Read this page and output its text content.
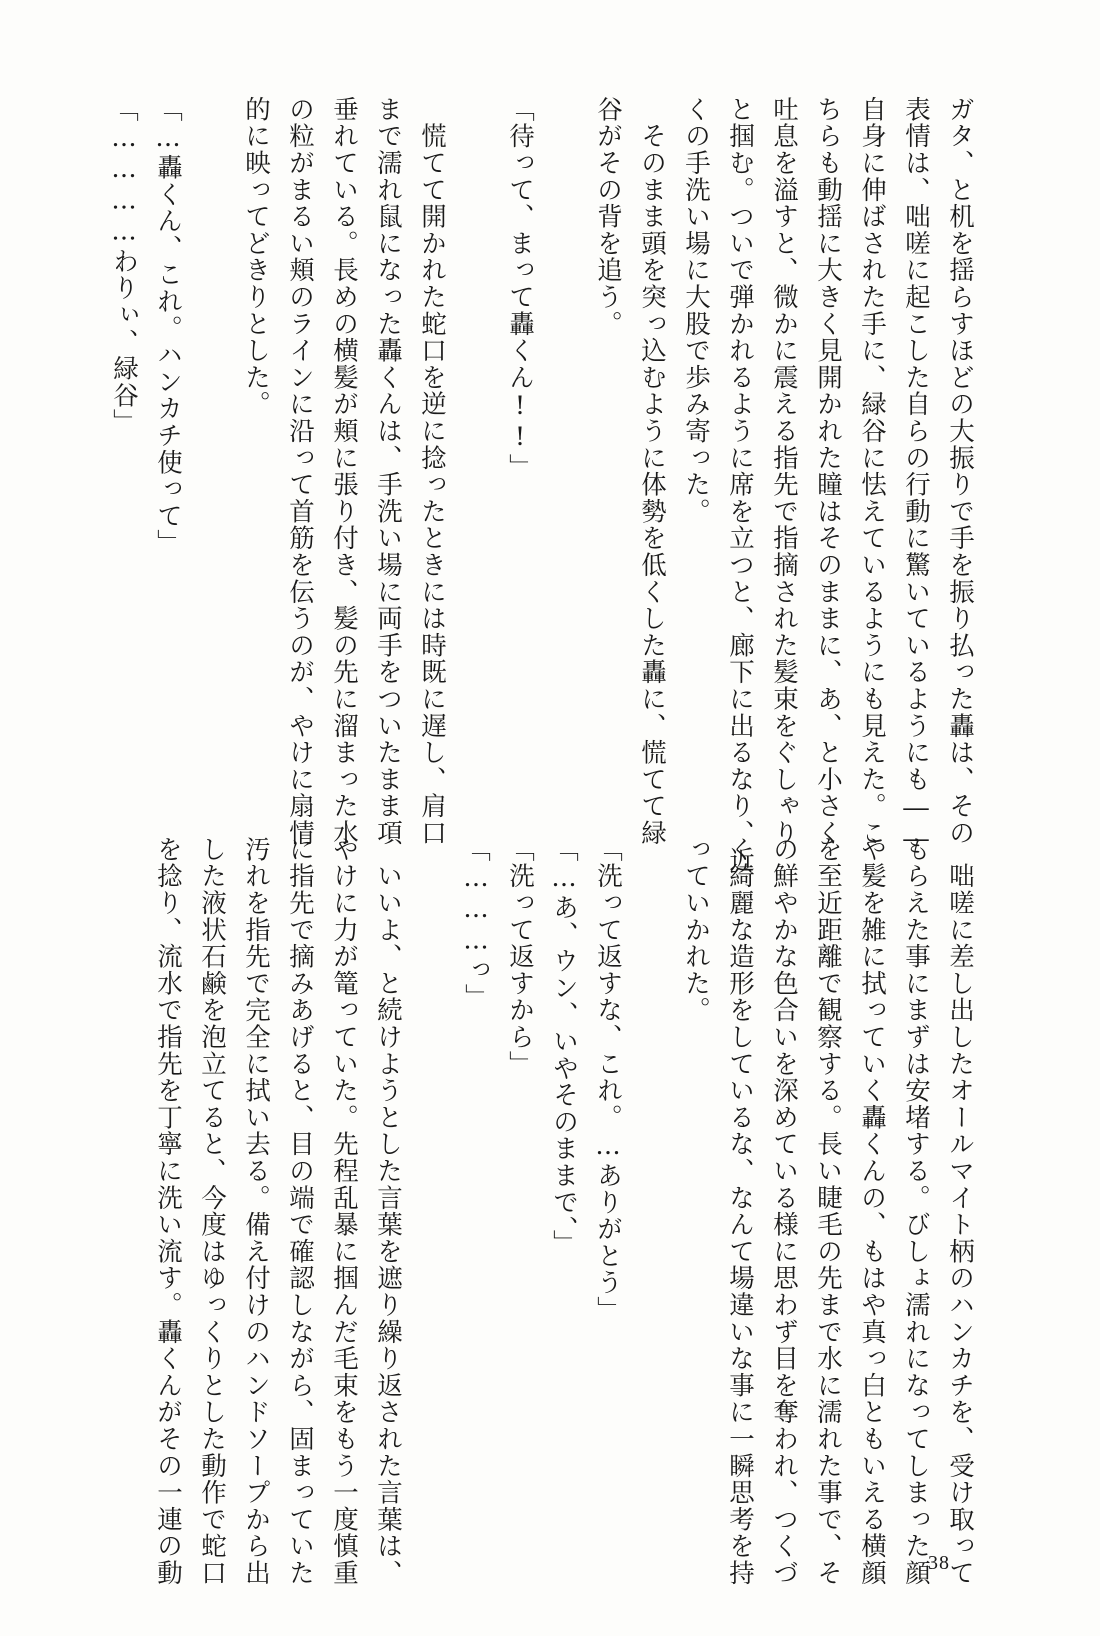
ガタ、と机を揺らすほどの大振りで手を振り払った轟は、その
表情は、咄嗟に起こした自らの行動に驚いているようにも――
自身に伸ばされた手に、緑谷に怯えているようにも見えた。こ
ちらも動揺に大きく見開かれた瞳はそのままに、あ、と小さく
吐息を溢すと、微かに震える指先で指摘された髪束をぐしゃり
と掴む。ついで弾かれるように席を立つと、廊下に出るなり、近
くの手洗い場に大股で歩み寄った。
　そのまま頭を突っ込むように体勢を低くした轟に、慌てて緑
谷がその背を追う。
「待って、まって轟くん!!」
　慌てて開かれた蛇口を逆に捻ったときには時既に遅し、肩口
まで濡れ鼠になった轟くんは、手洗い場に両手をついたまま項
垂れている。長めの横髪が頬に張り付き、髪の先に溜まった水
の粒がまるい頬のラインに沿って首筋を伝うのが、やけに扇情
的に映ってどきりとした。
「…轟くん、これ。ハンカチ使って」
「…………わりぃ、緑谷」
　咄嗟に差し出したオールマイト柄のハンカチを、受け取って
もらえた事にまずは安堵する。びしょ濡れになってしまった顔
や髪を雑に拭っていく轟くんの、もはや真っ白ともいえる横顔
を至近距離で観察する。長い睫毛の先まで水に濡れた事で、そ
の鮮やかな色合いを深めている様に思わず目を奪われ、つくづ
く綺麗な造形をしているな、なんて場違いな事に一瞬思考を持
っていかれた。
「洗って返すな、これ。…ありがとう」
「…あ、ウン、いやそのままで、」
「洗って返すから」
「………っ」
　いいよ、と続けようとした言葉を遮り繰り返された言葉は、
やけに力が篭っていた。先程乱暴に掴んだ毛束をもう一度慎重
に指先で摘みあげると、目の端で確認しながら、固まっていた
汚れを指先で完全に拭い去る。備え付けのハンドソープから出
した液状石鹸を泡立てると、今度はゆっくりとした動作で蛇口
を捻り、流水で指先を丁寧に洗い流す。轟くんがその一連の動	38
